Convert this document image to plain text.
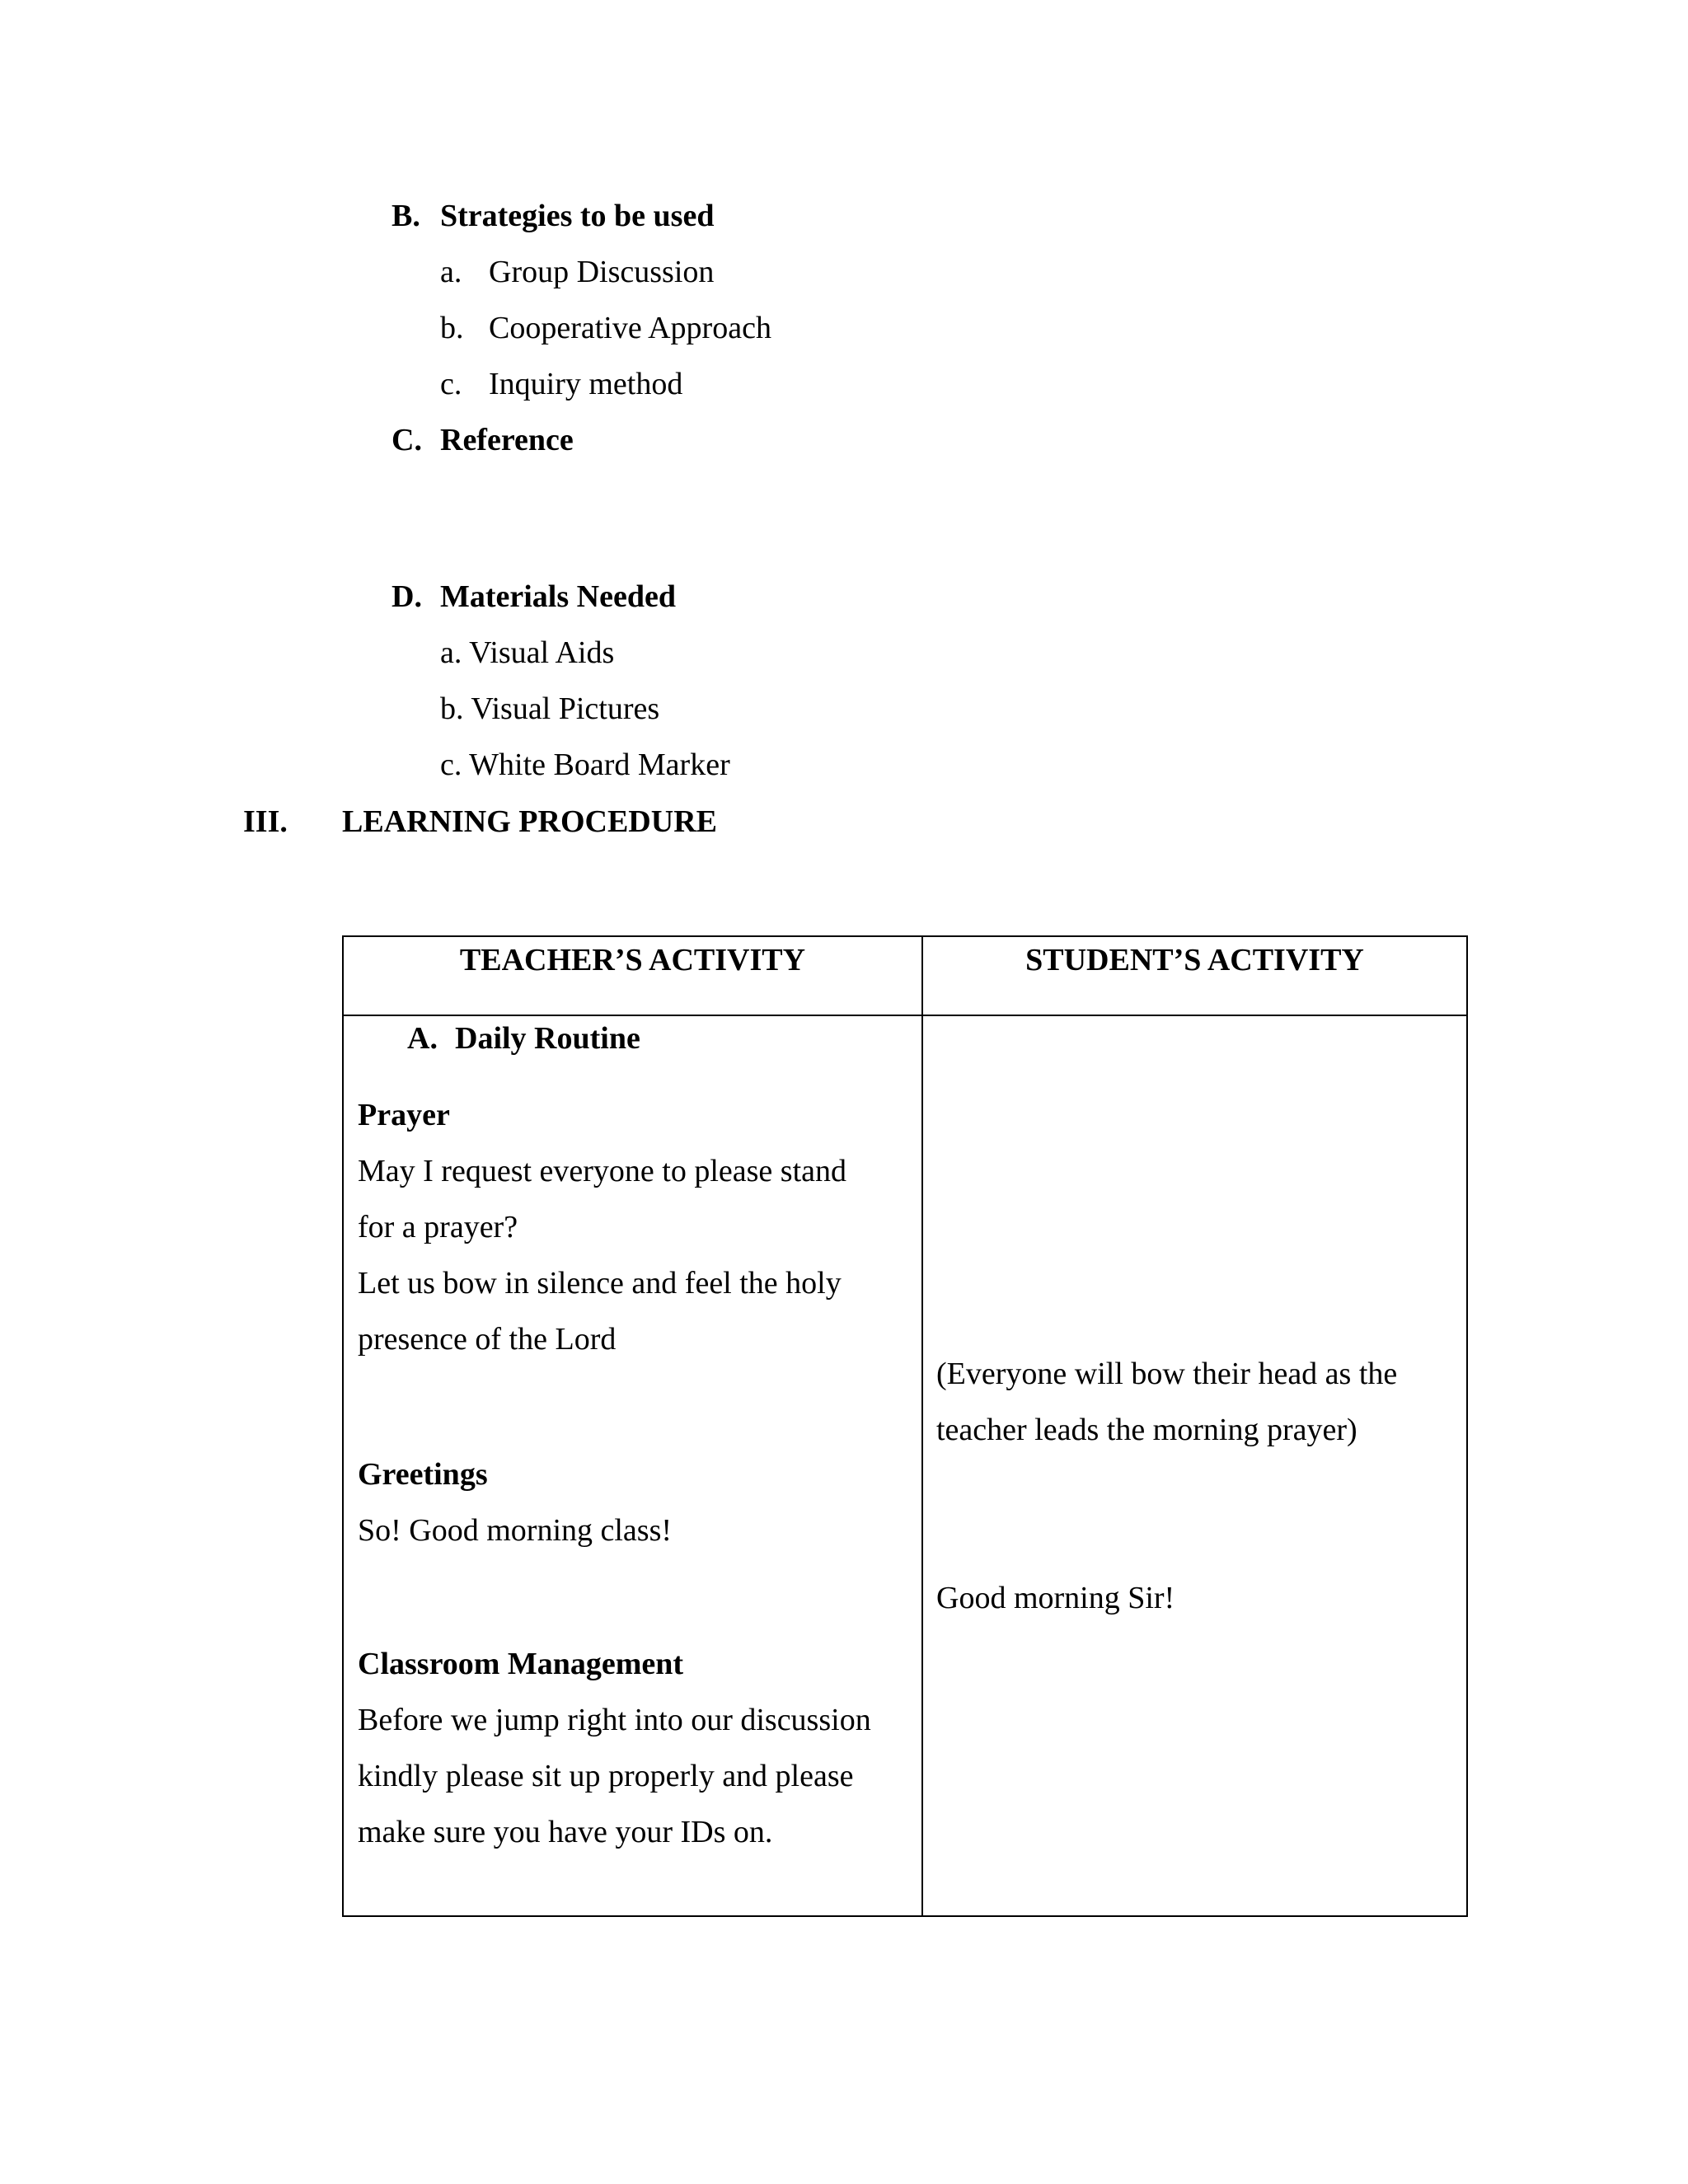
B. Strategies to be used
a. Group Discussion
b. Cooperative Approach
c. Inquiry method
C. Reference
D. Materials Needed
a. Visual Aids
b. Visual Pictures
c. White Board Marker
III. LEARNING PROCEDURE
TEACHER’S ACTIVITY	STUDENT’S ACTIVITY
A. Daily Routine
Prayer
May I request everyone to please stand
for a prayer?
Let us bow in silence and feel the holy
presence of the Lord
Greetings
So! Good morning class!
Classroom Management
Before we jump right into our discussion
kindly please sit up properly and please
make sure you have your IDs on.
(Everyone will bow their head as the
teacher leads the morning prayer)
Good morning Sir!
